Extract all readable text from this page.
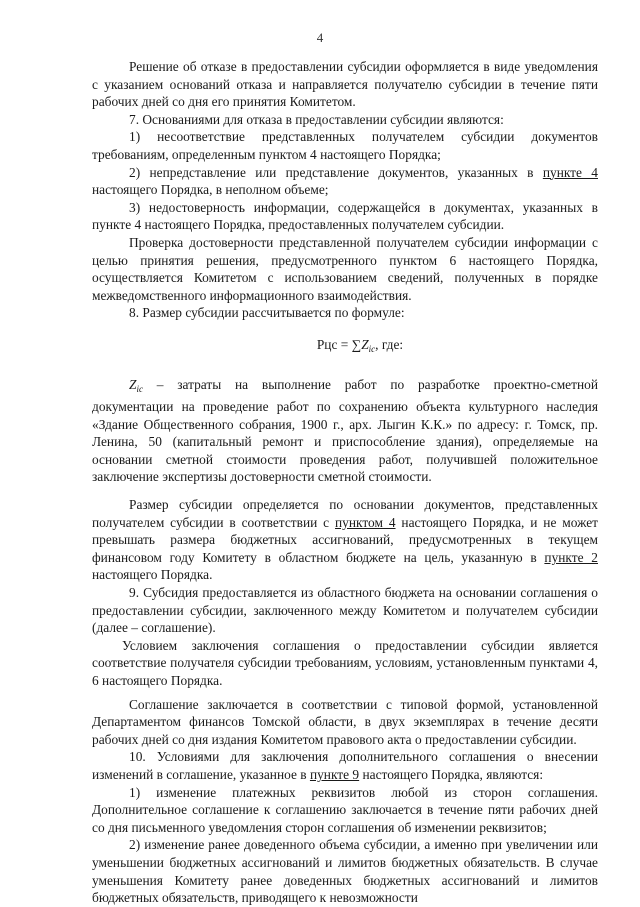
4

Решение об отказе в предоставлении субсидии оформляется в виде уведомления с указанием оснований отказа и направляется получателю субсидии в течение пяти рабочих дней со дня его принятия Комитетом.

7. Основаниями для отказа в предоставлении субсидии являются:

1) несоответствие представленных получателем субсидии документов требованиям, определенным пунктом 4 настоящего Порядка;

2) непредставление или представление документов, указанных в пункте 4 настоящего Порядка, в неполном объеме;

3) недостоверность информации, содержащейся в документах, указанных в пункте 4 настоящего Порядка, предоставленных получателем субсидии.

Проверка достоверности представленной получателем субсидии информации с целью принятия решения, предусмотренного пунктом 6 настоящего Порядка, осуществляется Комитетом с использованием сведений, полученных в порядке межведомственного информационного взаимодействия.

8. Размер субсидии рассчитывается по формуле:

Рцс = $\sum Z_{ic}$, где:

$Z_{ic}$ – затраты на выполнение работ по разработке проектно-сметной документации на проведение работ по сохранению объекта культурного наследия «Здание Общественного собрания, 1900 г., арх. Лыгин К.К.» по адресу: г. Томск, пр. Ленина, 50 (капитальный ремонт и приспособление здания), определяемые на основании сметной стоимости проведения работ, получившей положительное заключение экспертизы достоверности сметной стоимости.

Размер субсидии определяется по основании документов, представленных получателем субсидии в соответствии с пунктом 4 настоящего Порядка, и не может превышать размера бюджетных ассигнований, предусмотренных в текущем финансовом году Комитету в областном бюджете на цель, указанную в пункте 2 настоящего Порядка.

9. Субсидия предоставляется из областного бюджета на основании соглашения о предоставлении субсидии, заключенного между Комитетом и получателем субсидии (далее – соглашение).

Условием заключения соглашения о предоставлении субсидии является соответствие получателя субсидии требованиям, условиям, установленным пунктами 4, 6 настоящего Порядка.

Соглашение заключается в соответствии с типовой формой, установленной Департаментом финансов Томской области, в двух экземплярах в течение десяти рабочих дней со дня издания Комитетом правового акта о предоставлении субсидии.

10. Условиями для заключения дополнительного соглашения о внесении изменений в соглашение, указанное в пункте 9 настоящего Порядка, являются:

1) изменение платежных реквизитов любой из сторон соглашения. Дополнительное соглашение к соглашению заключается в течение пяти рабочих дней со дня письменного уведомления сторон соглашения об изменении реквизитов;

2) изменение ранее доведенного объема субсидии, а именно при увеличении или уменьшении бюджетных ассигнований и лимитов бюджетных обязательств. В случае уменьшения Комитету ранее доведенных бюджетных ассигнований и лимитов бюджетных обязательств, приводящего к невозможности
